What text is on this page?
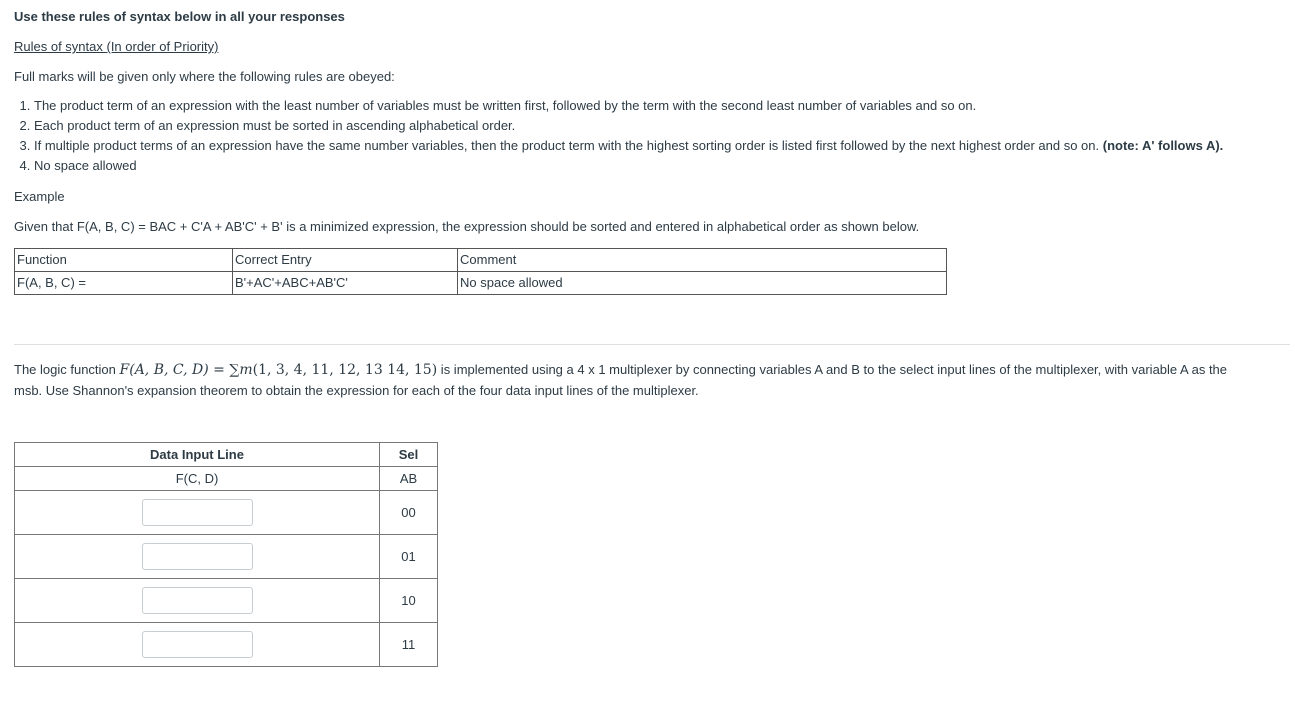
Use these rules of syntax below in all your responses
Rules of syntax (In order of Priority)
Full marks will be given only where the following rules are obeyed:
1. The product term of an expression with the least number of variables must be written first, followed by the term with the second least number of variables and so on.
2. Each product term of an expression must be sorted in ascending alphabetical order.
3. If multiple product terms of an expression have the same number variables, then the product term with the highest sorting order is listed first followed by the next highest order and so on. (note: A' follows A).
4. No space allowed
Example
Given that F(A, B, C) = BAC + C'A + AB'C' + B' is a minimized expression, the expression should be sorted and entered in alphabetical order as shown below.
Function	Correct Entry	Comment
F(A, B, C) =	B'+AC'+ABC+AB'C'	No space allowed
The logic function F(A, B, C, D) = ∑m(1, 3, 4, 11, 12, 13 14, 15) is implemented using a 4 x 1 multiplexer by connecting variables A and B to the select input lines of the multiplexer, with variable A as the
msb. Use Shannon's expansion theorem to obtain the expression for each of the four data input lines of the multiplexer.
Data Input Line	Sel
F(C, D)	AB

	00

	01

	10

	11
